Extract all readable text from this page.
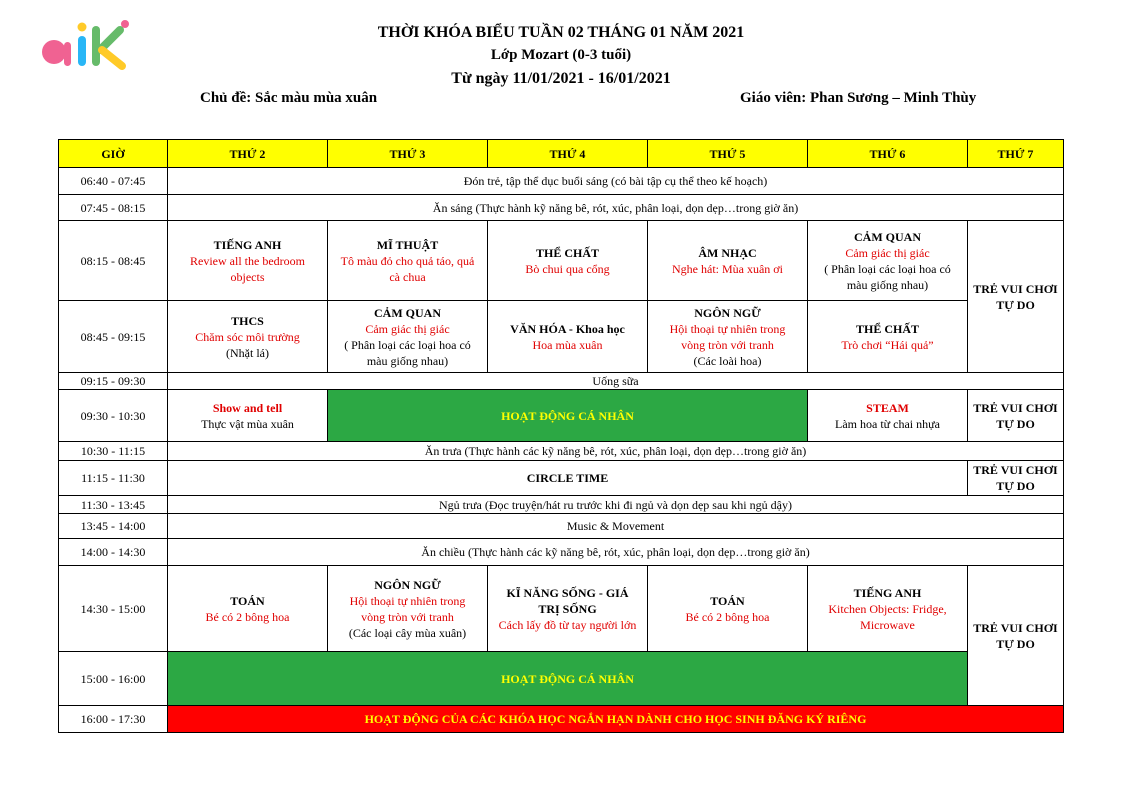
THỜI KHÓA BIỂU TUẦN 02 THÁNG 01 NĂM 2021
Lớp Mozart (0-3 tuổi)
Từ ngày 11/01/2021 - 16/01/2021
Chủ đề: Sắc màu mùa xuân	Giáo viên: Phan Sương – Minh Thùy
GIỜ	THỨ 2	THỨ 3	THỨ 4	THỨ 5	THỨ 6	THỨ 7
06:40 - 07:45	Đón trẻ, tập thể dục buổi sáng (có bài tập cụ thể theo kế hoạch)					
07:45 - 08:15	Ăn sáng (Thực hành kỹ năng bê, rót, xúc, phân loại, dọn dẹp…trong giờ ăn)					
08:15 - 08:45	TIẾNG ANH
Review all the bedroom
objects	MĨ THUẬT
Tô màu đỏ cho quả táo, quả
cà chua	THỂ CHẤT
Bò chui qua cổng	ÂM NHẠC
Nghe hát: Mùa xuân ơi	CẢM QUAN
Cảm giác thị giác
( Phân loại các loại hoa có
màu giống nhau)	TRẺ VUI CHƠI TỰ DO
08:45 - 09:15	THCS
Chăm sóc môi trường
(Nhặt lá)	CẢM QUAN
Cảm giác thị giác
( Phân loại các loại hoa có
màu giống nhau)	VĂN HÓA - Khoa học
Hoa mùa xuân	NGÔN NGỮ
Hội thoại tự nhiên trong
vòng tròn với tranh
(Các loài hoa)	THỂ CHẤT
Trò chơi “Hái quả”	

09:15 - 09:30	Uống sữa					
09:30 - 10:30	Show and tell
Thực vật mùa xuân	HOẠT ĐỘNG CÁ NHÂN			STEAM
Làm hoa từ chai nhựa	TRẺ VUI CHƠI TỰ DO
10:30 - 11:15	Ăn trưa (Thực hành các kỹ năng bê, rót, xúc, phân loại, dọn dẹp…trong giờ ăn)					
11:15 - 11:30	CIRCLE TIME					TRẺ VUI CHƠI TỰ DO
11:30 - 13:45	Ngủ trưa (Đọc truyện/hát ru trước khi đi ngủ và dọn dẹp sau khi ngủ dậy)					
13:45 - 14:00	Music & Movement					
14:00 - 14:30	Ăn chiều (Thực hành các kỹ năng bê, rót, xúc, phân loại, dọn dẹp…trong giờ ăn)					
14:30 - 15:00	TOÁN
Bé có 2 bông hoa	NGÔN NGỮ
Hội thoại tự nhiên trong
vòng tròn với tranh
(Các loại cây mùa xuân)	KĨ NĂNG SỐNG - GIÁ
TRỊ SỐNG
Cách lấy đồ từ tay người lớn	TOÁN
Bé có 2 bông hoa	TIẾNG ANH
Kitchen Objects: Fridge,
Microwave	TRẺ VUI CHƠI TỰ DO
15:00 - 16:00	HOẠT ĐỘNG CÁ NHÂN					
16:00 - 17:30	HOẠT ĐỘNG CỦA CÁC KHÓA HỌC NGẮN HẠN DÀNH CHO HỌC SINH ĐĂNG KÝ RIÊNG					
